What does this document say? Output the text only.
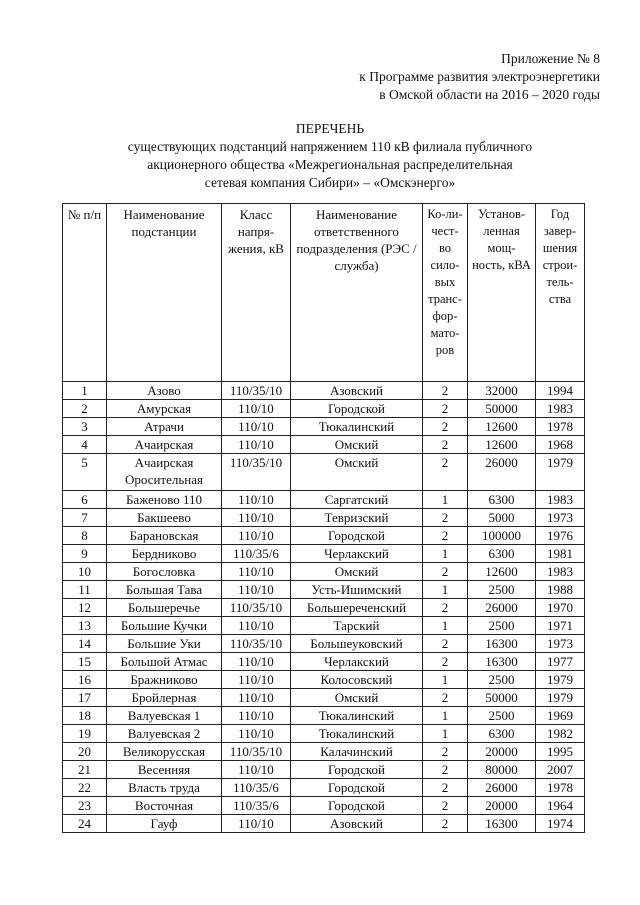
Приложение № 8
к Программе развития электроэнергетики
в Омской области на 2016 – 2020 годы
ПЕРЕЧЕНЬ
существующих подстанций напряжением 110 кВ филиала публичного
акционерного общества «Межрегиональная распределительная
сетевая компания Сибири» – «Омскэнерго»
№ п/п	Наименование подстанции	Класс напря-жения, кВ	Наименование ответственного подразделения (РЭС / служба)	Ко-ли-чест-во сило-вых транс-фор-мато-ров	Установ-ленная мощ-ность, кВА	Год завер-шения строи-тель-ства
1	Азово	110/35/10	Азовский	2	32000	1994
2	Амурская	110/10	Городской	2	50000	1983
3	Атрачи	110/10	Тюкалинский	2	12600	1978
4	Ачаирская	110/10	Омский	2	12600	1968
5	Ачаирская Оросительная	110/35/10	Омский	2	26000	1979
6	Баженово 110	110/10	Саргатский	1	6300	1983
7	Бакшеево	110/10	Тевризский	2	5000	1973
8	Барановская	110/10	Городской	2	100000	1976
9	Бердниково	110/35/6	Черлакский	1	6300	1981
10	Богословка	110/10	Омский	2	12600	1983
11	Большая Тава	110/10	Усть-Ишимский	1	2500	1988
12	Большеречье	110/35/10	Большереченский	2	26000	1970
13	Большие Кучки	110/10	Тарский	1	2500	1971
14	Большие Уки	110/35/10	Большеуковский	2	16300	1973
15	Большой Атмас	110/10	Черлакский	2	16300	1977
16	Бражниково	110/10	Колосовский	1	2500	1979
17	Бройлерная	110/10	Омский	2	50000	1979
18	Валуевская 1	110/10	Тюкалинский	1	2500	1969
19	Валуевская 2	110/10	Тюкалинский	1	6300	1982
20	Великорусская	110/35/10	Калачинский	2	20000	1995
21	Весенняя	110/10	Городской	2	80000	2007
22	Власть труда	110/35/6	Городской	2	26000	1978
23	Восточная	110/35/6	Городской	2	20000	1964
24	Гауф	110/10	Азовский	2	16300	1974
